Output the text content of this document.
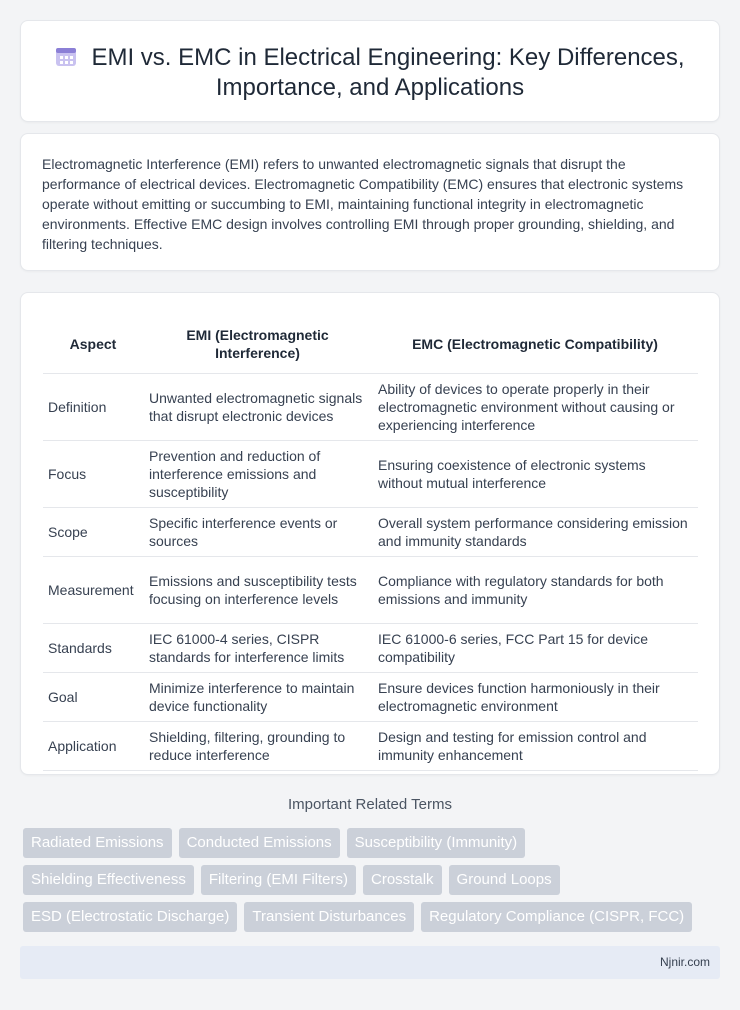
EMI vs. EMC in Electrical Engineering: Key Differences, Importance, and Applications

Electromagnetic Interference (EMI) refers to unwanted electromagnetic signals that disrupt the performance of electrical devices. Electromagnetic Compatibility (EMC) ensures that electronic systems operate without emitting or succumbing to EMI, maintaining functional integrity in electromagnetic environments. Effective EMC design involves controlling EMI through proper grounding, shielding, and filtering techniques.

Aspect	EMI (Electromagnetic Interference)	EMC (Electromagnetic Compatibility)
Definition	Unwanted electromagnetic signals that disrupt electronic devices	Ability of devices to operate properly in their electromagnetic environment without causing or experiencing interference
Focus	Prevention and reduction of interference emissions and susceptibility	Ensuring coexistence of electronic systems without mutual interference
Scope	Specific interference events or sources	Overall system performance considering emission and immunity standards
Measurement	Emissions and susceptibility tests focusing on interference levels	Compliance with regulatory standards for both emissions and immunity
Standards	IEC 61000-4 series, CISPR standards for interference limits	IEC 61000-6 series, FCC Part 15 for device compatibility
Goal	Minimize interference to maintain device functionality	Ensure devices function harmoniously in their electromagnetic environment
Application	Shielding, filtering, grounding to reduce interference	Design and testing for emission control and immunity enhancement
Important Related Terms
Radiated Emissions	Conducted Emissions	Susceptibility (Immunity)
Shielding Effectiveness	Filtering (EMI Filters)	Crosstalk	Ground Loops
ESD (Electrostatic Discharge)	Transient Disturbances	Regulatory Compliance (CISPR, FCC)
Njnir.com
